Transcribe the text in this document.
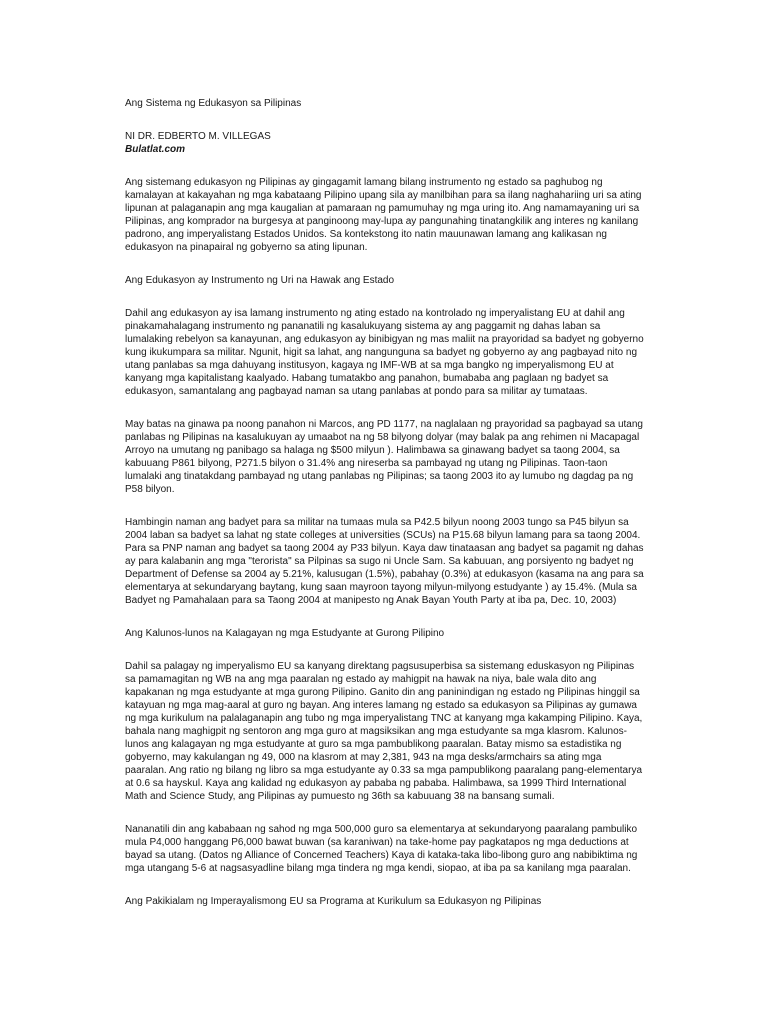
Ang Sistema ng Edukasyon sa Pilipinas

NI DR. EDBERTO M. VILLEGAS

Bulatlat.com

Ang sistemang edukasyon ng Pilipinas ay gingagamit lamang bilang instrumento ng estado sa paghubog ng kamalayan at kakayahan ng mga kabataang Pilipino upang sila ay manilbihan para sa ilang naghahariing uri sa ating lipunan at palaganapin ang mga kaugalian at pamaraan ng pamumuhay ng mga uring ito. Ang namamayaning uri sa Pilipinas, ang komprador na burgesya at panginoong may-lupa ay pangunahing tinatangkilik ang interes ng kanilang padrono, ang imperyalistang Estados Unidos. Sa kontekstong ito natin mauunawan lamang ang kalikasan ng edukasyon na pinapairal ng gobyerno sa ating lipunan.

Ang Edukasyon ay Instrumento ng Uri na Hawak ang Estado

Dahil ang edukasyon ay isa lamang instrumento ng ating estado na kontrolado ng imperyalistang EU at dahil ang pinakamahalagang instrumento ng pananatili ng kasalukuyang sistema ay ang paggamit ng dahas laban sa lumalaking rebelyon sa kanayunan, ang edukasyon ay binibigyan ng mas maliit na prayoridad sa badyet ng gobyerno kung ikukumpara sa militar. Ngunit, higit sa lahat, ang nangunguna sa badyet ng gobyerno ay ang pagbayad nito ng utang panlabas sa mga dahuyang institusyon, kagaya ng IMF-WB at sa mga bangko ng imperyalismong EU at kanyang mga kapitalistang kaalyado. Habang tumatakbo ang panahon, bumababa ang paglaan ng badyet sa edukasyon, samantalang ang pagbayad naman sa utang panlabas at pondo para sa militar ay tumataas.

May batas na ginawa pa noong panahon ni Marcos, ang PD 1177, na naglalaan ng prayoridad sa pagbayad sa utang panlabas ng Pilipinas na kasalukuyan ay umaabot na ng 58 bilyong dolyar (may balak pa ang rehimen ni Macapagal Arroyo na umutang ng panibago sa halaga ng $500 milyun ). Halimbawa sa ginawang badyet sa taong 2004, sa kabuuang P861 bilyong, P271.5 bilyon o 31.4% ang nireserba sa pambayad ng utang ng Pilipinas. Taon-taon lumalaki ang tinatakdang pambayad ng utang panlabas ng Pilipinas; sa taong 2003 ito ay lumubo ng dagdag pa ng P58 bilyon.

Hambingin naman ang badyet para sa militar na tumaas mula sa P42.5 bilyun noong 2003 tungo sa P45 bilyun sa 2004 laban sa badyet sa lahat ng state colleges at universities (SCUs) na P15.68 bilyun lamang para sa taong 2004. Para sa PNP naman ang badyet sa taong 2004 ay P33 bilyun. Kaya daw tinataasan ang badyet sa pagamit ng dahas ay para kalabanin ang mga "terorista" sa Pilpinas sa sugo ni Uncle Sam. Sa kabuuan, ang porsiyento ng badyet ng Department of Defense sa 2004 ay 5.21%, kalusugan (1.5%), pabahay (0.3%) at edukasyon (kasama na ang para sa elementarya at sekundaryang baytang, kung saan mayroon tayong milyun-milyong estudyante ) ay 15.4%. (Mula sa Badyet ng Pamahalaan para sa Taong 2004 at manipesto ng Anak Bayan Youth Party at iba pa, Dec. 10, 2003)

Ang Kalunos-lunos na Kalagayan ng mga Estudyante at Gurong Pilipino

Dahil sa palagay ng imperyalismo EU sa kanyang direktang pagsusuperbisa sa sistemang eduskasyon ng Pilipinas sa pamamagitan ng WB na ang mga paaralan ng estado ay mahigpit na hawak na niya, bale wala dito ang kapakanan ng mga estudyante at mga gurong Pilipino. Ganito din ang paninindigan ng estado ng Pilipinas hinggil sa katayuan ng mga mag-aaral at guro ng bayan. Ang interes lamang ng estado sa edukasyon sa Pilipinas ay gumawa ng mga kurikulum na palalaganapin ang tubo ng mga imperyalistang TNC at kanyang mga kakamping Pilipino. Kaya, bahala nang maghigpit ng sentoron ang mga guro at magsiksikan ang mga estudyante sa mga klasrom. Kalunos-lunos ang kalagayan ng mga estudyante at guro sa mga pambublikong paaralan. Batay mismo sa estadistika ng gobyerno, may kakulangan ng 49, 000 na klasrom at may 2,381, 943 na mga desks/armchairs sa ating mga paaralan. Ang ratio ng bilang ng libro sa mga estudyante ay 0.33 sa mga pampublikong paaralang pang-elementarya at 0.6 sa hayskul. Kaya ang kalidad ng edukasyon ay pababa ng pababa. Halimbawa, sa 1999 Third International Math and Science Study, ang Pilipinas ay pumuesto ng 36th sa kabuuang 38 na bansang sumali.

Nananatili din ang kababaan ng sahod ng mga 500,000 guro sa elementarya at sekundaryong paaralang pambuliko mula P4,000 hanggang P6,000 bawat buwan (sa karaniwan) na take-home pay pagkatapos ng mga deductions at bayad sa utang. (Datos ng Alliance of Concerned Teachers) Kaya di kataka-taka libo-libong guro ang nabibiktima ng mga utangang 5-6 at nagsasyadline bilang mga tindera ng mga kendi, siopao, at iba pa sa kanilang mga paaralan.

Ang Pakikialam ng Imperayalismong EU sa Programa at Kurikulum sa Edukasyon ng Pilipinas
